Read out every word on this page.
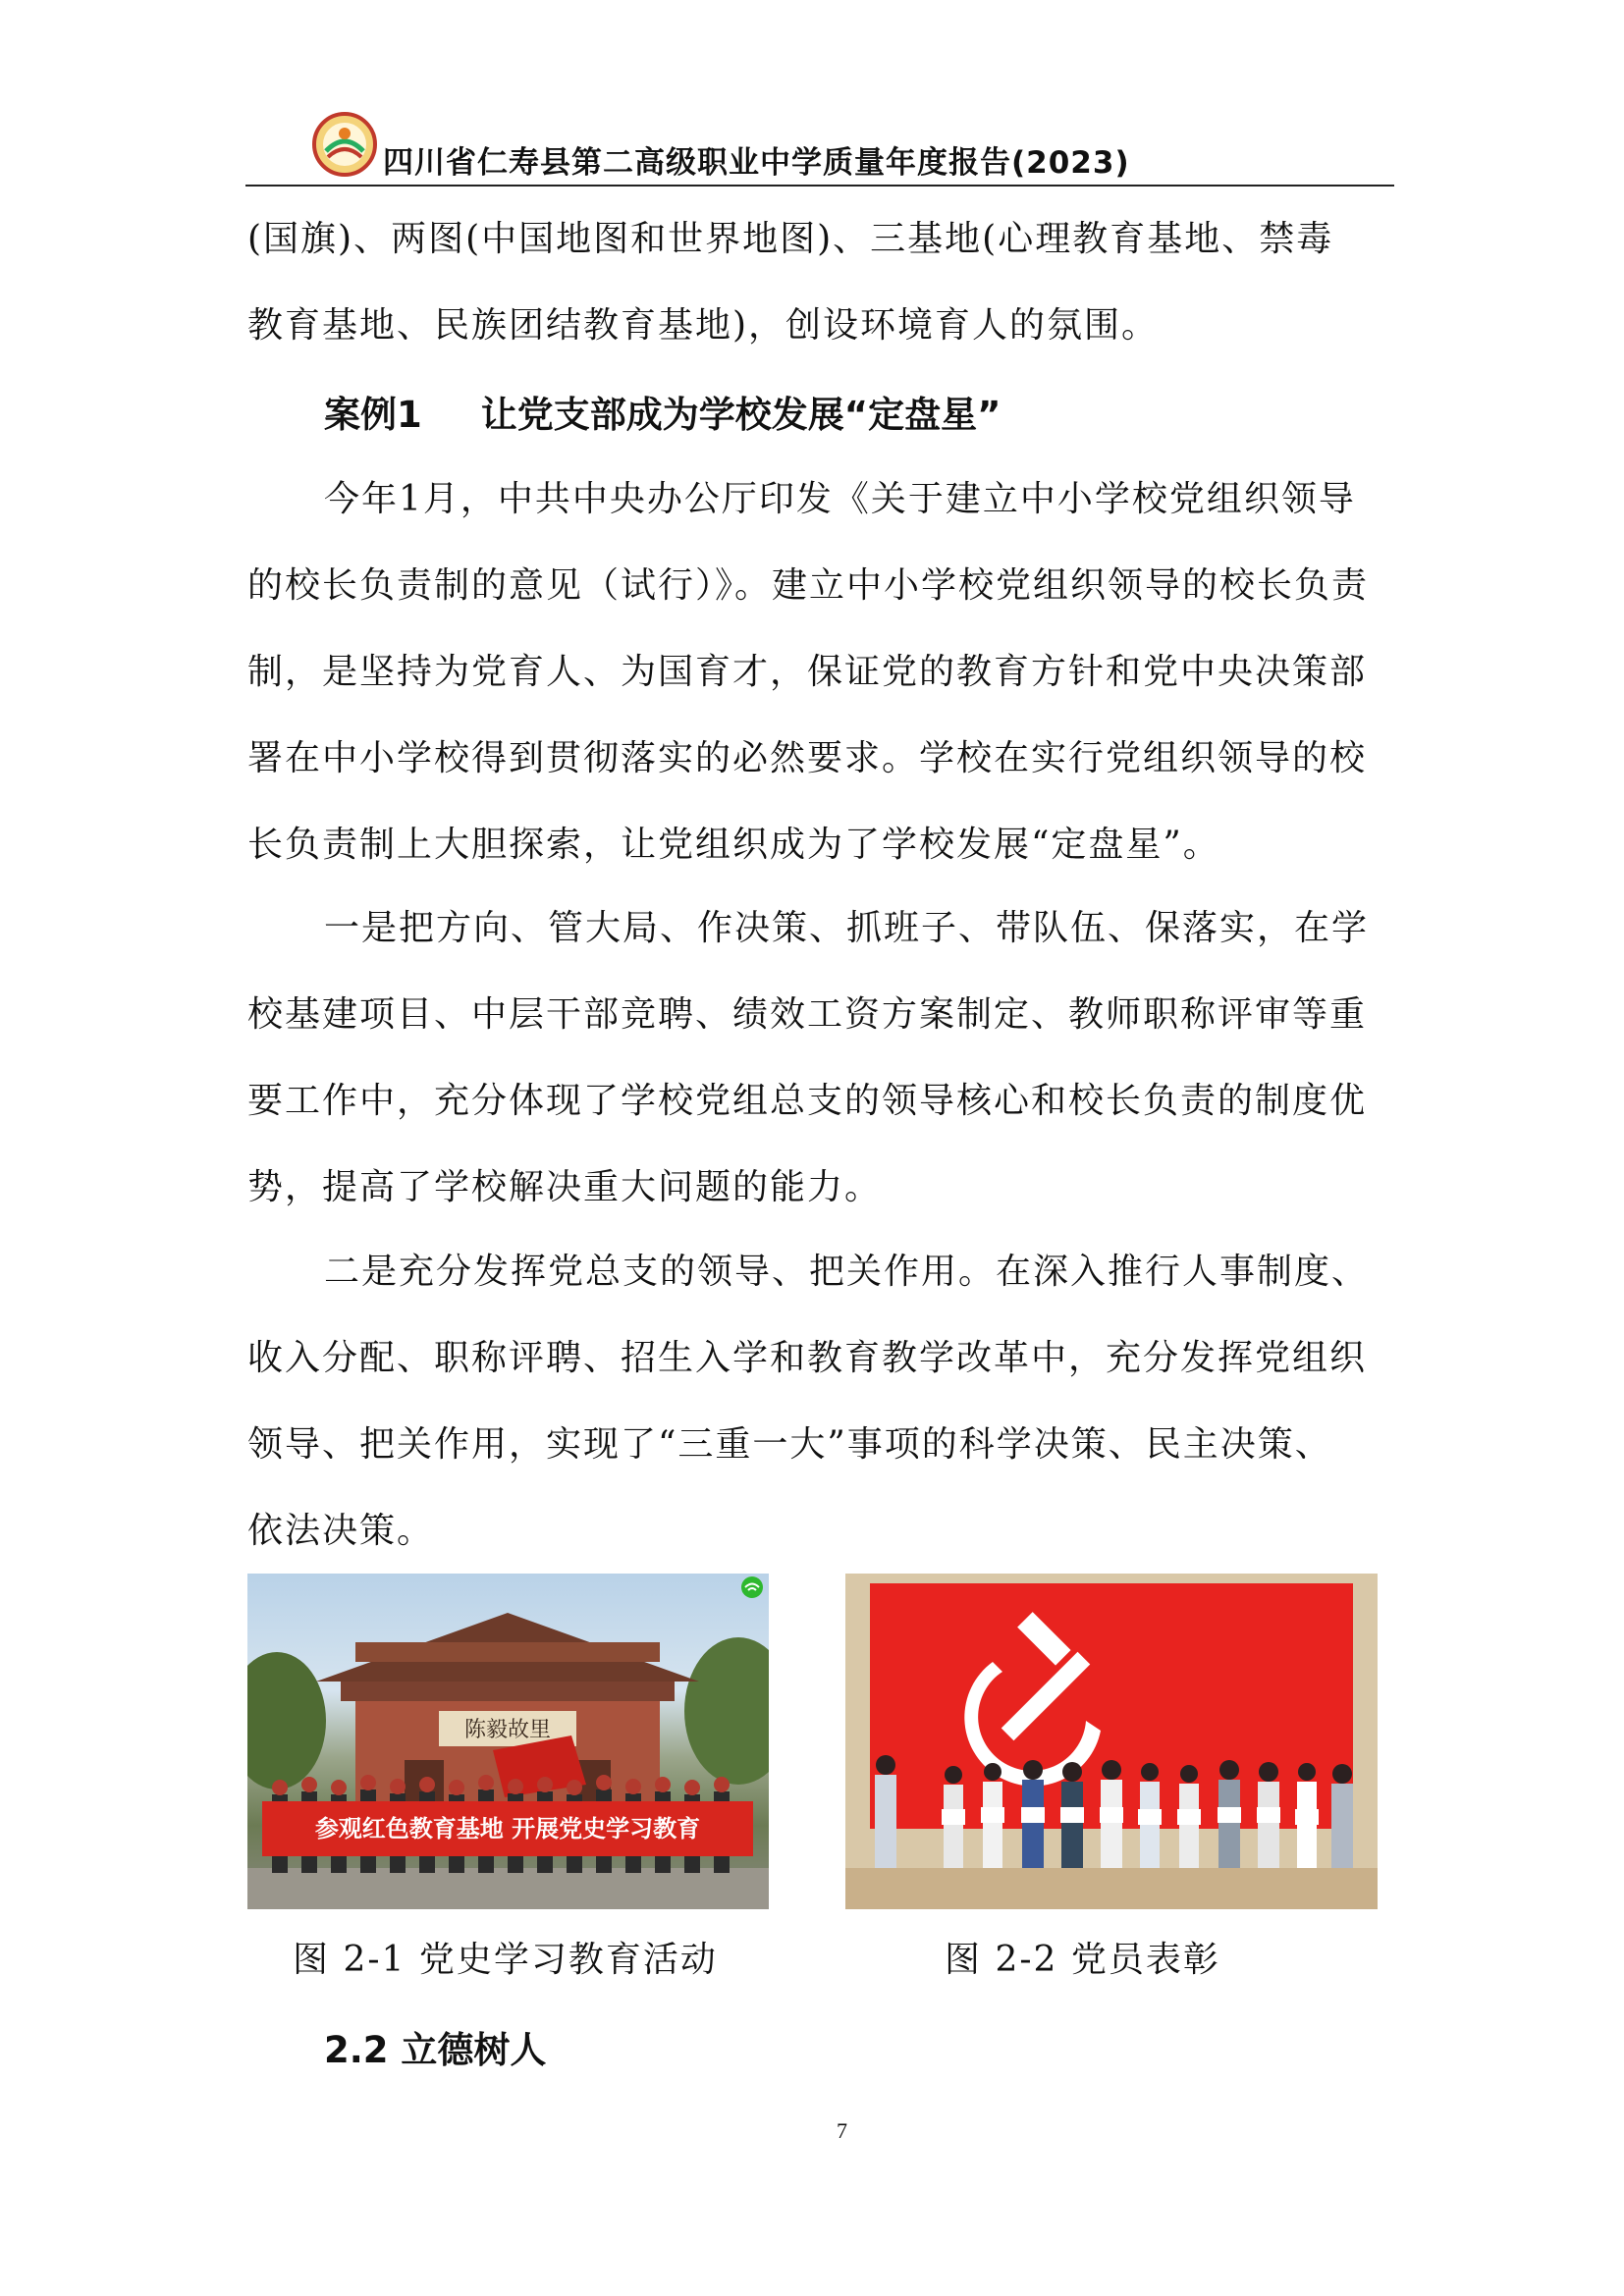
四川省仁寿县第二高级职业中学质量年度报告(2023)
(国旗)、两图(中国地图和世界地图)、三基地(心理教育基地、禁毒
教育基地、民族团结教育基地)，创设环境育人的氛围。
案例1 让党支部成为学校发展“定盘星”
今年1月，中共中央办公厅印发《关于建立中小学校党组织领导
的校长负责制的意见（试行）》。建立中小学校党组织领导的校长负责
制，是坚持为党育人、为国育才，保证党的教育方针和党中央决策部
署在中小学校得到贯彻落实的必然要求。学校在实行党组织领导的校
长负责制上大胆探索，让党组织成为了学校发展“定盘星”。
一是把方向、管大局、作决策、抓班子、带队伍、保落实，在学
校基建项目、中层干部竞聘、绩效工资方案制定、教师职称评审等重
要工作中，充分体现了学校党组总支的领导核心和校长负责的制度优
势，提高了学校解决重大问题的能力。
二是充分发挥党总支的领导、把关作用。在深入推行人事制度、
收入分配、职称评聘、招生入学和教育教学改革中，充分发挥党组织
领导、把关作用，实现了“三重一大”事项的科学决策、民主决策、
依法决策。
陈毅故里
参观红色教育基地 开展党史学习教育
图 2-1 党史学习教育活动	图 2-2 党员表彰
2.2 立德树人
7
